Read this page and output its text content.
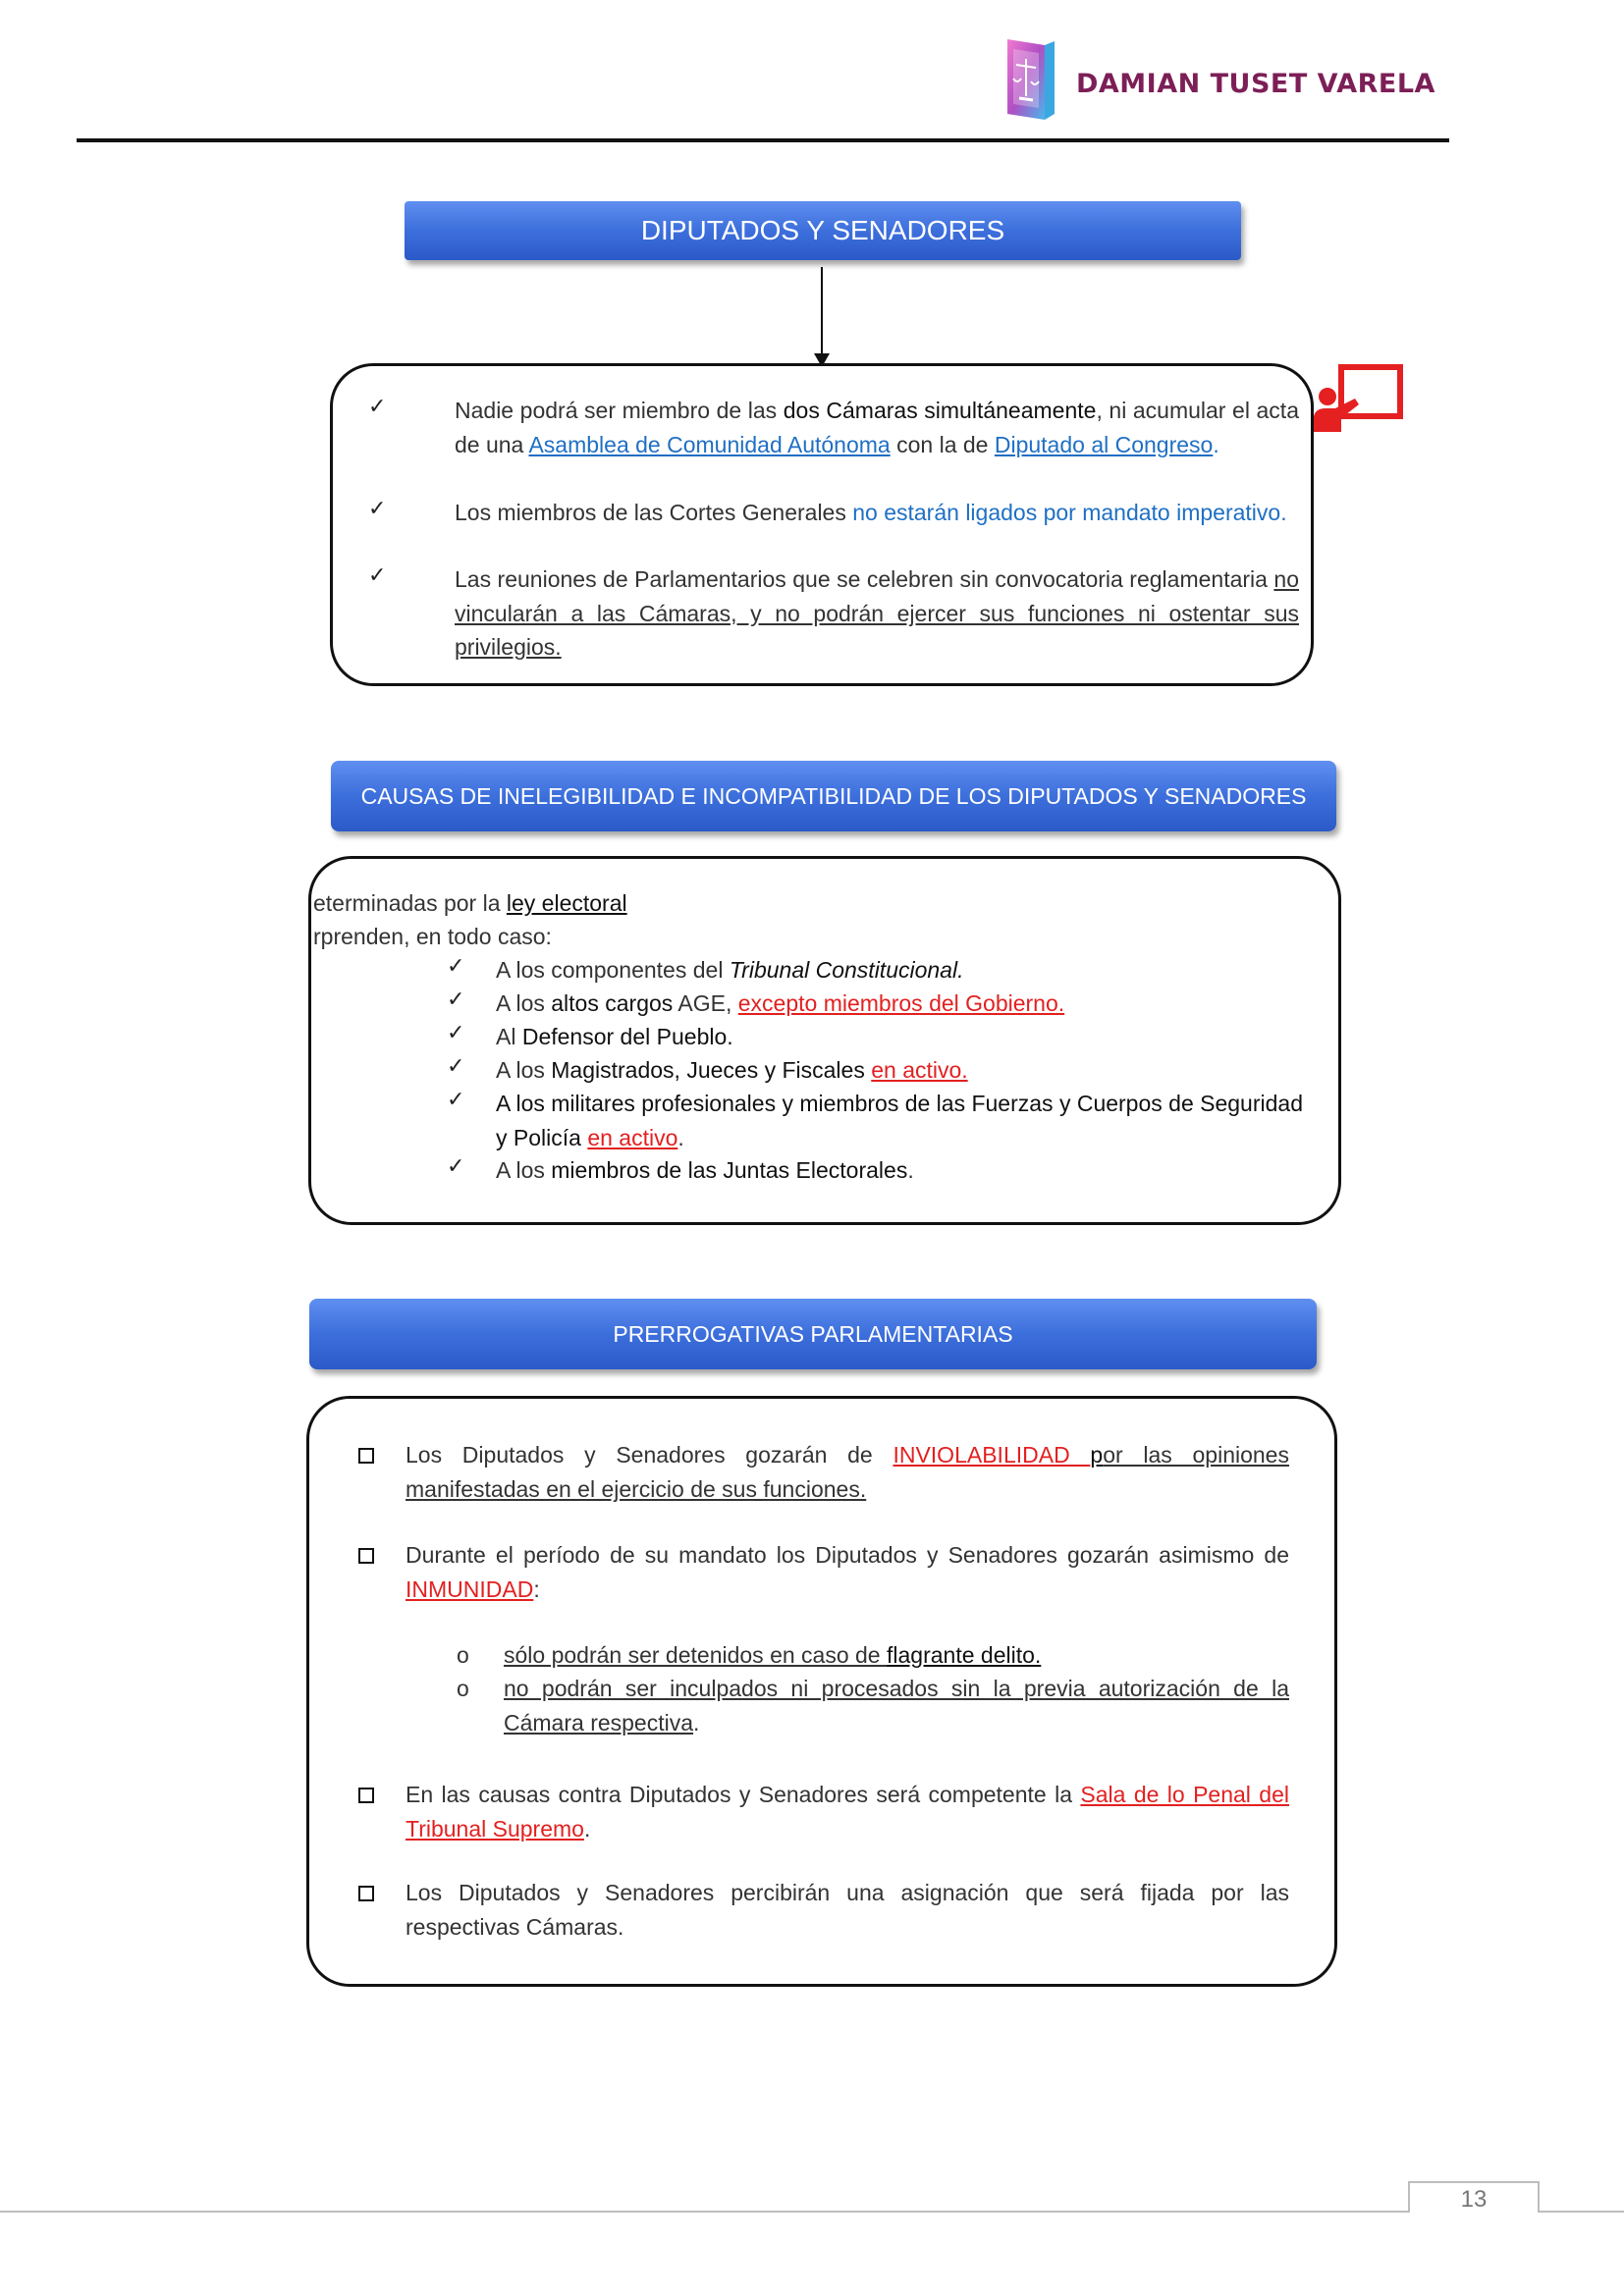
DAMIAN TUSET VARELA
DIPUTADOS Y SENADORES
✓	Nadie podrá ser miembro de las dos Cámaras simultáneamente, ni acumular el acta de una Asamblea de Comunidad Autónoma con la de Diputado al Congreso.
✓	Los miembros de las Cortes Generales no estarán ligados por mandato imperativo.
✓	Las reuniones de Parlamentarios que se celebren sin convocatoria reglamentaria no vincularán a las Cámaras, y no podrán ejercer sus funciones ni ostentar sus privilegios.
CAUSAS DE INELEGIBILIDAD E INCOMPATIBILIDAD DE LOS DIPUTADOS Y SENADORES
eterminadas por la ley electoral
rprenden, en todo caso:
✓ A los componentes del Tribunal Constitucional.
✓ A los altos cargos AGE, excepto miembros del Gobierno.
✓ Al Defensor del Pueblo.
✓ A los Magistrados, Jueces y Fiscales en activo.
✓ A los militares profesionales y miembros de las Fuerzas y Cuerpos de Seguridad y Policía en activo.
✓ A los miembros de las Juntas Electorales.
PRERROGATIVAS PARLAMENTARIAS
Los Diputados y Senadores gozarán de INVIOLABILIDAD por las opiniones manifestadas en el ejercicio de sus funciones.
Durante el período de su mandato los Diputados y Senadores gozarán asimismo de INMUNIDAD:
o sólo podrán ser detenidos en caso de flagrante delito.
o no podrán ser inculpados ni procesados sin la previa autorización de la Cámara respectiva.
En las causas contra Diputados y Senadores será competente la Sala de lo Penal del Tribunal Supremo.
Los Diputados y Senadores percibirán una asignación que será fijada por las respectivas Cámaras.
13
